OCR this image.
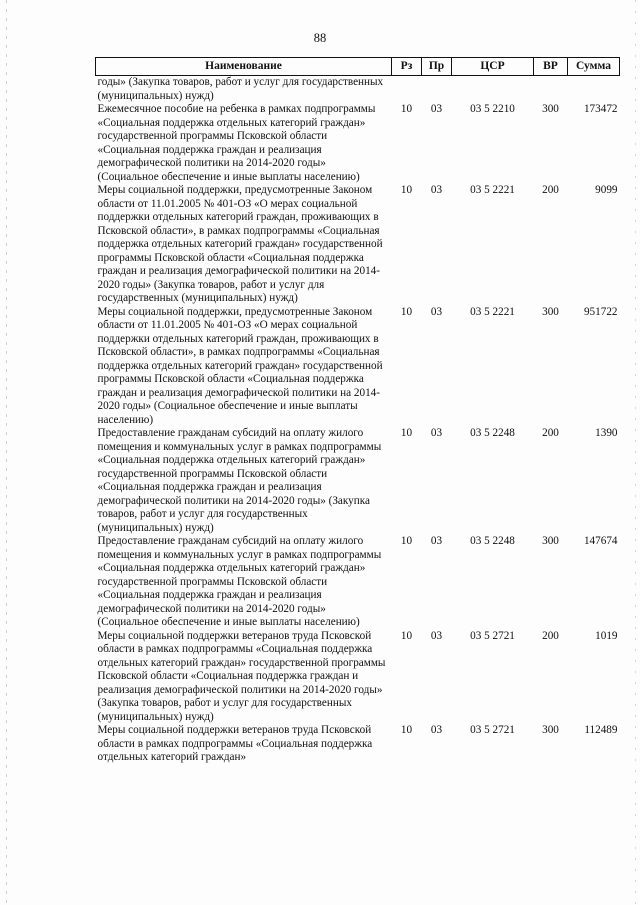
88
Наименование	Рз	Пр	ЦСР	ВР	Сумма
годы» (Закупка товаров, работ и услуг для государственных (муниципальных) нужд)					
Ежемесячное пособие на ребенка в рамках подпрограммы «Социальная поддержка отдельных категорий граждан» государственной программы Псковской области «Социальная поддержка граждан и реализация демографической политики на 2014-2020 годы» (Социальное обеспечение и иные выплаты населению)	10	03	03 5 2210	300	173472
Меры социальной поддержки, предусмотренные Законом области от 11.01.2005 № 401-ОЗ «О мерах социальной поддержки отдельных категорий граждан, проживающих в Псковской области», в рамках подпрограммы «Социальная поддержка отдельных категорий граждан» государственной программы Псковской области «Социальная поддержка граждан и реализация демографической политики на 2014-2020 годы» (Закупка товаров, работ и услуг для государственных (муниципальных) нужд)	10	03	03 5 2221	200	9099
Меры социальной поддержки, предусмотренные Законом области от 11.01.2005 № 401-ОЗ «О мерах социальной поддержки отдельных категорий граждан, проживающих в Псковской области», в рамках подпрограммы «Социальная поддержка отдельных категорий граждан» государственной программы Псковской области «Социальная поддержка граждан и реализация демографической политики на 2014-2020 годы» (Социальное обеспечение и иные выплаты населению)	10	03	03 5 2221	300	951722
Предоставление гражданам субсидий на оплату жилого помещения и коммунальных услуг в рамках подпрограммы «Социальная поддержка отдельных категорий граждан» государственной программы Псковской области «Социальная поддержка граждан и реализация демографической политики на 2014-2020 годы» (Закупка товаров, работ и услуг для государственных (муниципальных) нужд)	10	03	03 5 2248	200	1390
Предоставление гражданам субсидий на оплату жилого помещения и коммунальных услуг в рамках подпрограммы «Социальная поддержка отдельных категорий граждан» государственной программы Псковской области «Социальная поддержка граждан и реализация демографической политики на 2014-2020 годы» (Социальное обеспечение и иные выплаты населению)	10	03	03 5 2248	300	147674
Меры социальной поддержки ветеранов труда Псковской области в рамках подпрограммы «Социальная поддержка отдельных категорий граждан» государственной программы Псковской области «Социальная поддержка граждан и реализация демографической политики на 2014-2020 годы» (Закупка товаров, работ и услуг для государственных (муниципальных) нужд)	10	03	03 5 2721	200	1019
Меры социальной поддержки ветеранов труда Псковской области в рамках подпрограммы «Социальная поддержка отдельных категорий граждан»	10	03	03 5 2721	300	112489
